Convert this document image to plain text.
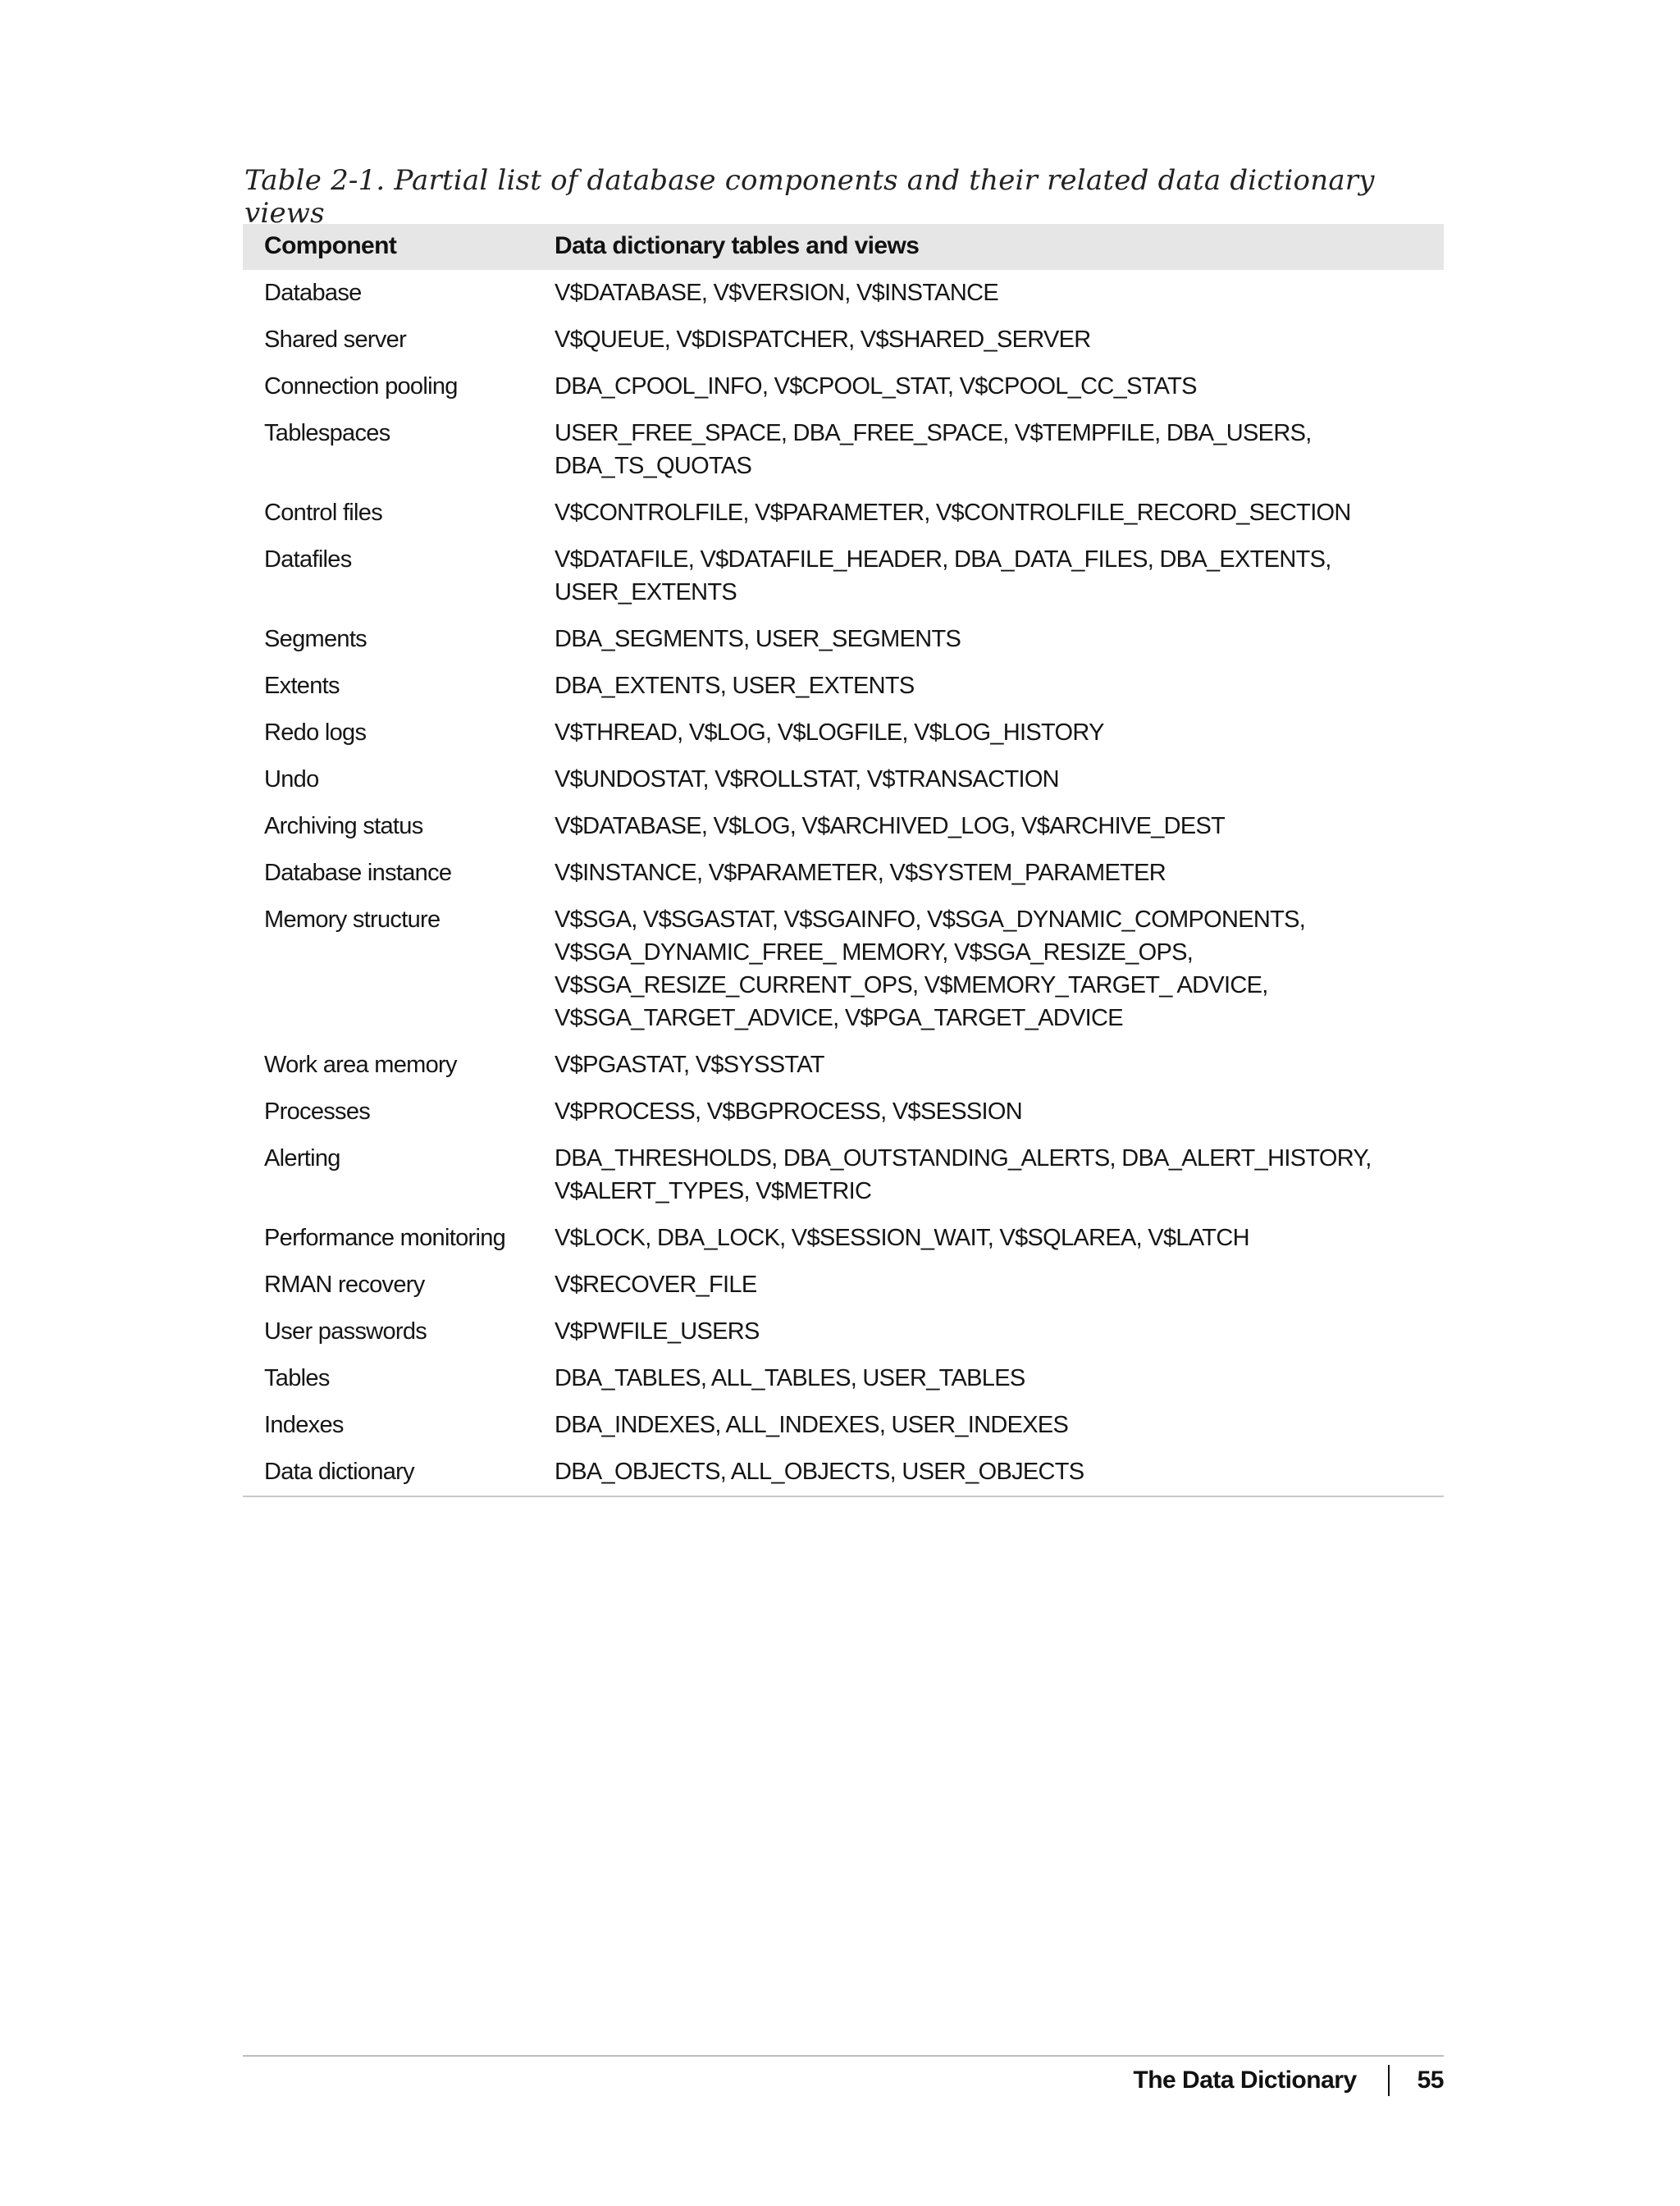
Table 2-1. Partial list of database components and their related data dictionary views
Component	Data dictionary tables and views
Database	V$DATABASE, V$VERSION, V$INSTANCE
Shared server	V$QUEUE, V$DISPATCHER, V$SHARED_SERVER
Connection pooling	DBA_CPOOL_INFO, V$CPOOL_STAT, V$CPOOL_CC_STATS
Tablespaces	USER_FREE_SPACE, DBA_FREE_SPACE, V$TEMPFILE, DBA_USERS, DBA_TS_QUOTAS
Control files	V$CONTROLFILE, V$PARAMETER, V$CONTROLFILE_RECORD_SECTION
Datafiles	V$DATAFILE, V$DATAFILE_HEADER, DBA_DATA_FILES, DBA_EXTENTS, USER_EXTENTS
Segments	DBA_SEGMENTS, USER_SEGMENTS
Extents	DBA_EXTENTS, USER_EXTENTS
Redo logs	V$THREAD, V$LOG, V$LOGFILE, V$LOG_HISTORY
Undo	V$UNDOSTAT, V$ROLLSTAT, V$TRANSACTION
Archiving status	V$DATABASE, V$LOG, V$ARCHIVED_LOG, V$ARCHIVE_DEST
Database instance	V$INSTANCE, V$PARAMETER, V$SYSTEM_PARAMETER
Memory structure	V$SGA, V$SGASTAT, V$SGAINFO, V$SGA_DYNAMIC_COMPONENTS, V$SGA_DYNAMIC_FREE_ MEMORY, V$SGA_RESIZE_OPS, V$SGA_RESIZE_CURRENT_OPS, V$MEMORY_TARGET_ ADVICE, V$SGA_TARGET_ADVICE, V$PGA_TARGET_ADVICE
Work area memory	V$PGASTAT, V$SYSSTAT
Processes	V$PROCESS, V$BGPROCESS, V$SESSION
Alerting	DBA_THRESHOLDS, DBA_OUTSTANDING_ALERTS, DBA_ALERT_HISTORY, V$ALERT_TYPES, V$METRIC
Performance monitoring	V$LOCK, DBA_LOCK, V$SESSION_WAIT, V$SQLAREA, V$LATCH
RMAN recovery	V$RECOVER_FILE
User passwords	V$PWFILE_USERS
Tables	DBA_TABLES, ALL_TABLES, USER_TABLES
Indexes	DBA_INDEXES, ALL_INDEXES, USER_INDEXES
Data dictionary	DBA_OBJECTS, ALL_OBJECTS, USER_OBJECTS
The Data Dictionary 55
